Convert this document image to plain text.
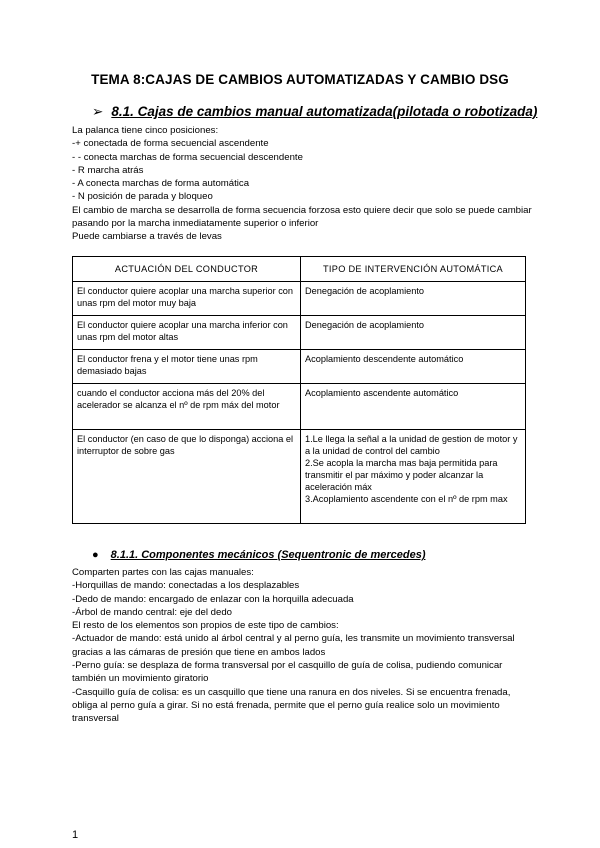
TEMA 8:CAJAS DE CAMBIOS AUTOMATIZADAS Y CAMBIO DSG
➢ 8.1. Cajas de cambios manual automatizada(pilotada o robotizada)

La palanca tiene cinco posiciones:

-+ conectada de forma secuencial ascendente

- - conecta marchas de forma secuencial descendente

- R marcha atrás

- A conecta marchas de forma automática

- N posición de parada y bloqueo

El cambio de marcha se desarrolla de forma secuencia forzosa esto quiere decir que solo se puede cambiar pasando por la marcha inmediatamente superior o inferior

Puede cambiarse a través de levas

ACTUACIÓN DEL CONDUCTOR	TIPO DE INTERVENCIÓN AUTOMÁTICA
El conductor quiere acoplar una marcha superior con unas rpm del motor muy baja	Denegación de acoplamiento
El conductor quiere acoplar una marcha inferior con unas rpm del motor altas	Denegación de acoplamiento
El conductor frena y el motor tiene unas rpm demasiado bajas	Acoplamiento descendente automático
cuando el conductor acciona más del 20% del acelerador se alcanza el nº de rpm máx del motor	Acoplamiento ascendente automático
El conductor (en caso de que lo disponga) acciona el interruptor de sobre gas	1.Le llega la señal a la unidad de gestion de motor y a la unidad de control del cambio
2.Se acopla la marcha mas baja permitida para transmitir el par máximo y poder alcanzar la aceleración máx
3.Acoplamiento ascendente con el nº de rpm max
● 8.1.1. Componentes mecánicos (Sequentronic de mercedes)

Comparten partes con las cajas manuales:

-Horquillas de mando: conectadas a los desplazables

-Dedo de mando: encargado de enlazar con la horquilla adecuada

-Árbol de mando central: eje del dedo

El resto de los elementos son propios de este tipo de cambios:

-Actuador de mando: está unido al árbol central y al perno guía, les transmite un movimiento transversal gracias a las cámaras de presión que tiene en ambos lados

-Perno guía: se desplaza de forma transversal por el casquillo de guía de colisa, pudiendo comunicar también un movimiento giratorio

-Casquillo guía de colisa: es un casquillo que tiene una ranura en dos niveles. Si se encuentra frenada, obliga al perno guía a girar. Si no está frenada, permite que el perno guía realice solo un movimiento transversal

1
